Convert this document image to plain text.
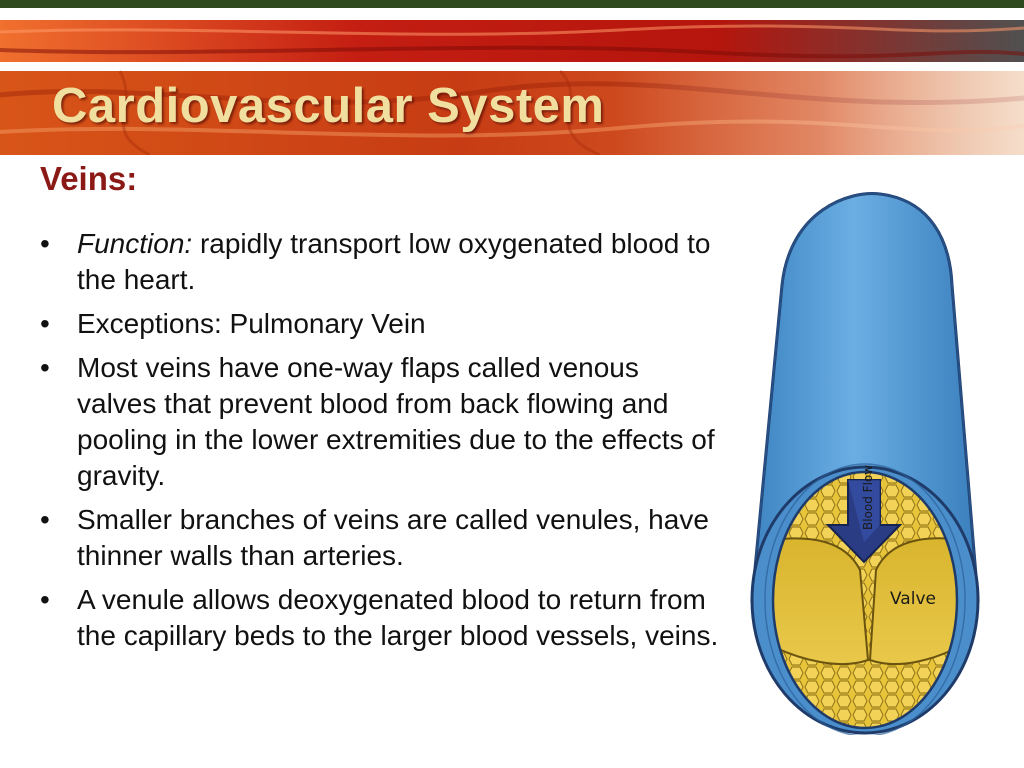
Cardiovascular System
Veins:
• Function: rapidly transport low oxygenated blood to the heart.
• Exceptions: Pulmonary Vein
• Most veins have one-way flaps called venous valves that prevent blood from back flowing and pooling in the lower extremities due to the effects of gravity.
• Smaller branches of veins are called venules, have thinner walls than arteries.
• A venule allows deoxygenated blood to return from the capillary beds to the larger blood vessels, veins.
Blood Flow
Valve
